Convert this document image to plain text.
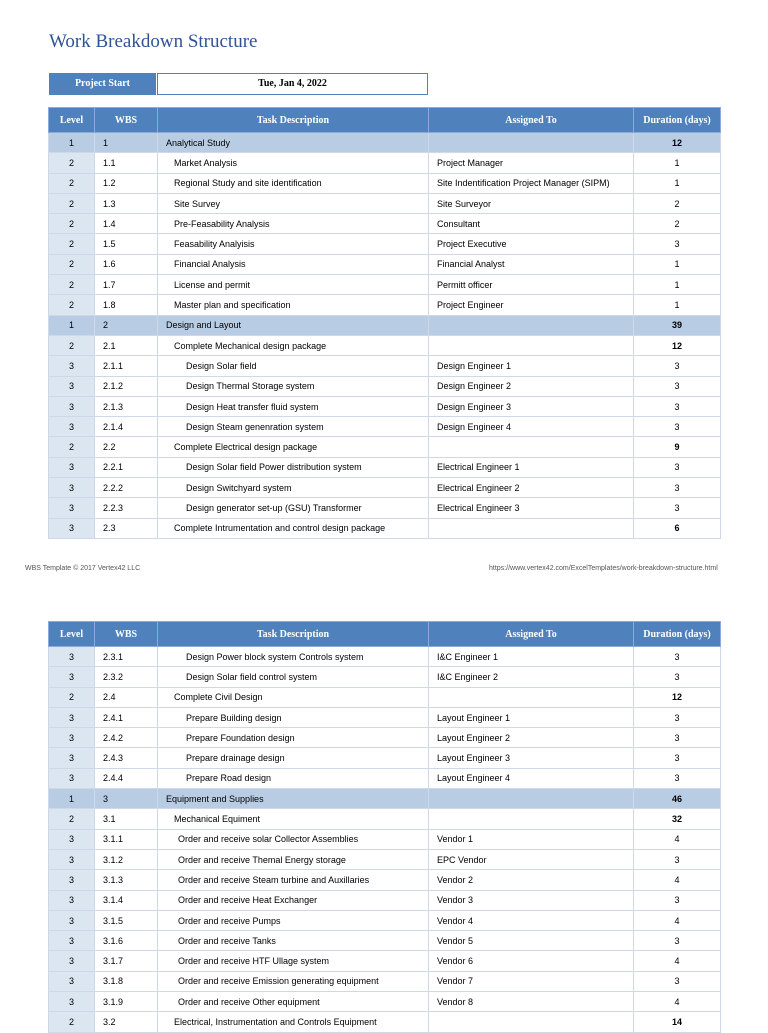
Work Breakdown Structure
Project Start	Tue, Jan 4, 2022
Level	WBS	Task Description	Assigned To	Duration (days)
1	1	Analytical Study		12
2	1.1	Market Analysis	Project Manager	1
2	1.2	Regional Study and site identification	Site Indentification Project Manager (SIPM)	1
2	1.3	Site Survey	Site Surveyor	2
2	1.4	Pre-Feasability Analysis	Consultant	2
2	1.5	Feasability Analyisis	Project Executive	3
2	1.6	Financial Analysis	Financial Analyst	1
2	1.7	License and permit	Permitt officer	1
2	1.8	Master plan and specification	Project Engineer	1
1	2	Design and Layout		39
2	2.1	Complete Mechanical design package		12
3	2.1.1	Design Solar field	Design Engineer 1	3
3	2.1.2	Design Thermal Storage system	Design Engineer 2	3
3	2.1.3	Design Heat transfer fluid system	Design Engineer 3	3
3	2.1.4	Design Steam genenration system	Design Engineer 4	3
2	2.2	Complete Electrical design package		9
3	2.2.1	Design Solar field Power distribution system	Electrical Engineer 1	3
3	2.2.2	Design Switchyard system	Electrical Engineer 2	3
3	2.2.3	Design generator set-up (GSU) Transformer	Electrical Engineer 3	3
3	2.3	Complete Intrumentation and control design package		6
WBS Template © 2017 Vertex42 LLC	https://www.vertex42.com/ExcelTemplates/work-breakdown-structure.html
Level	WBS	Task Description	Assigned To	Duration (days)
3	2.3.1	Design Power block system Controls system	I&C Engineer 1	3
3	2.3.2	Design Solar field control system	I&C Engineer 2	3
2	2.4	Complete Civil Design		12
3	2.4.1	Prepare Building design	Layout Engineer 1	3
3	2.4.2	Prepare Foundation design	Layout Engineer 2	3
3	2.4.3	Prepare drainage design	Layout Engineer 3	3
3	2.4.4	Prepare Road design	Layout Engineer 4	3
1	3	Equipment and Supplies		46
2	3.1	Mechanical Equiment		32
3	3.1.1	Order and receive solar Collector Assemblies	Vendor 1	4
3	3.1.2	Order and receive Themal Energy storage	EPC Vendor	3
3	3.1.3	Order and receive Steam turbine and Auxillaries	Vendor 2	4
3	3.1.4	Order and receive Heat Exchanger	Vendor 3	3
3	3.1.5	Order and receive Pumps	Vendor 4	4
3	3.1.6	Order and receive Tanks	Vendor 5	3
3	3.1.7	Order and receive HTF Ullage system	Vendor 6	4
3	3.1.8	Order and receive Emission generating equipment	Vendor 7	3
3	3.1.9	Order and receive Other equipment	Vendor 8	4
2	3.2	Electrical, Instrumentation and Controls Equipment		14
